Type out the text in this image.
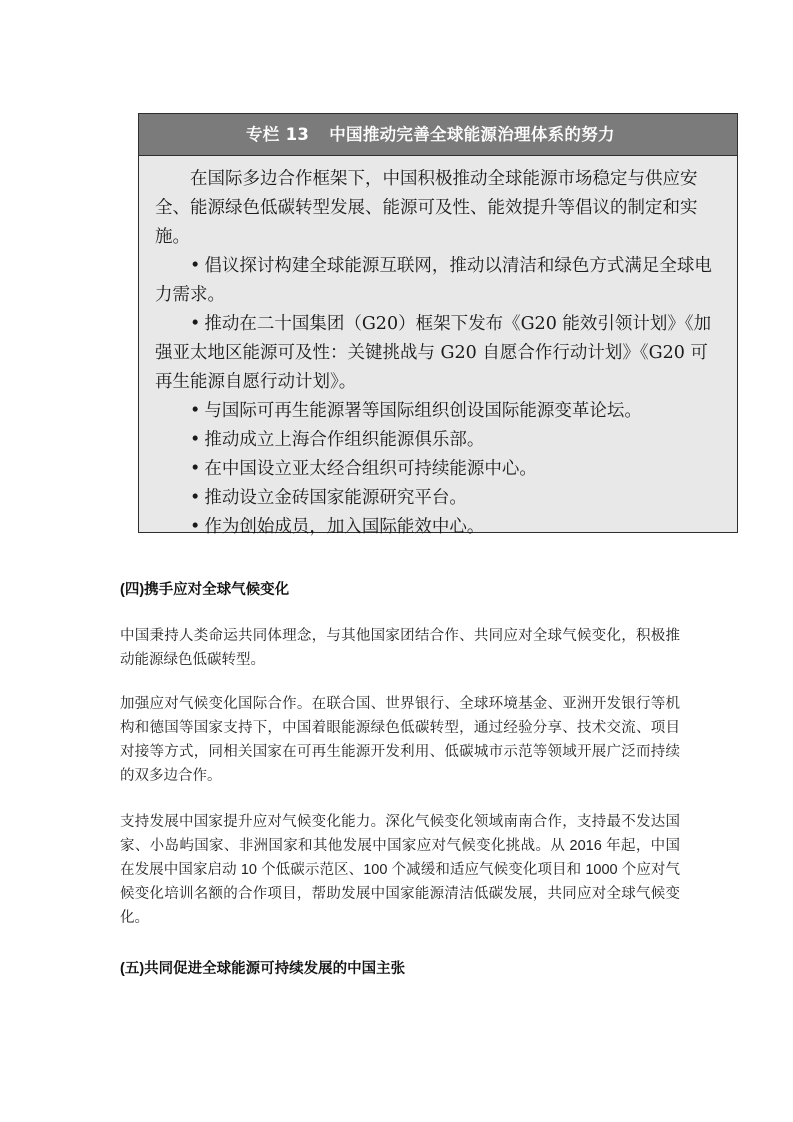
专栏 13 中国推动完善全球能源治理体系的努力

在国际多边合作框架下，中国积极推动全球能源市场稳定与供应安全、能源绿色低碳转型发展、能源可及性、能效提升等倡议的制定和实施。

• 倡议探讨构建全球能源互联网，推动以清洁和绿色方式满足全球电力需求。

• 推动在二十国集团（G20）框架下发布《G20 能效引领计划》《加强亚太地区能源可及性：关键挑战与 G20 自愿合作行动计划》《G20 可再生能源自愿行动计划》。

• 与国际可再生能源署等国际组织创设国际能源变革论坛。

• 推动成立上海合作组织能源俱乐部。

• 在中国设立亚太经合组织可持续能源中心。

• 推动设立金砖国家能源研究平台。

• 作为创始成员，加入国际能效中心。

(四)携手应对全球气候变化

中国秉持人类命运共同体理念，与其他国家团结合作、共同应对全球气候变化，积极推动能源绿色低碳转型。

加强应对气候变化国际合作。在联合国、世界银行、全球环境基金、亚洲开发银行等机构和德国等国家支持下，中国着眼能源绿色低碳转型，通过经验分享、技术交流、项目对接等方式，同相关国家在可再生能源开发利用、低碳城市示范等领域开展广泛而持续的双多边合作。

支持发展中国家提升应对气候变化能力。深化气候变化领域南南合作，支持最不发达国家、小岛屿国家、非洲国家和其他发展中国家应对气候变化挑战。从 2016 年起，中国在发展中国家启动 10 个低碳示范区、100 个减缓和适应气候变化项目和 1000 个应对气候变化培训名额的合作项目，帮助发展中国家能源清洁低碳发展，共同应对全球气候变化。

(五)共同促进全球能源可持续发展的中国主张
